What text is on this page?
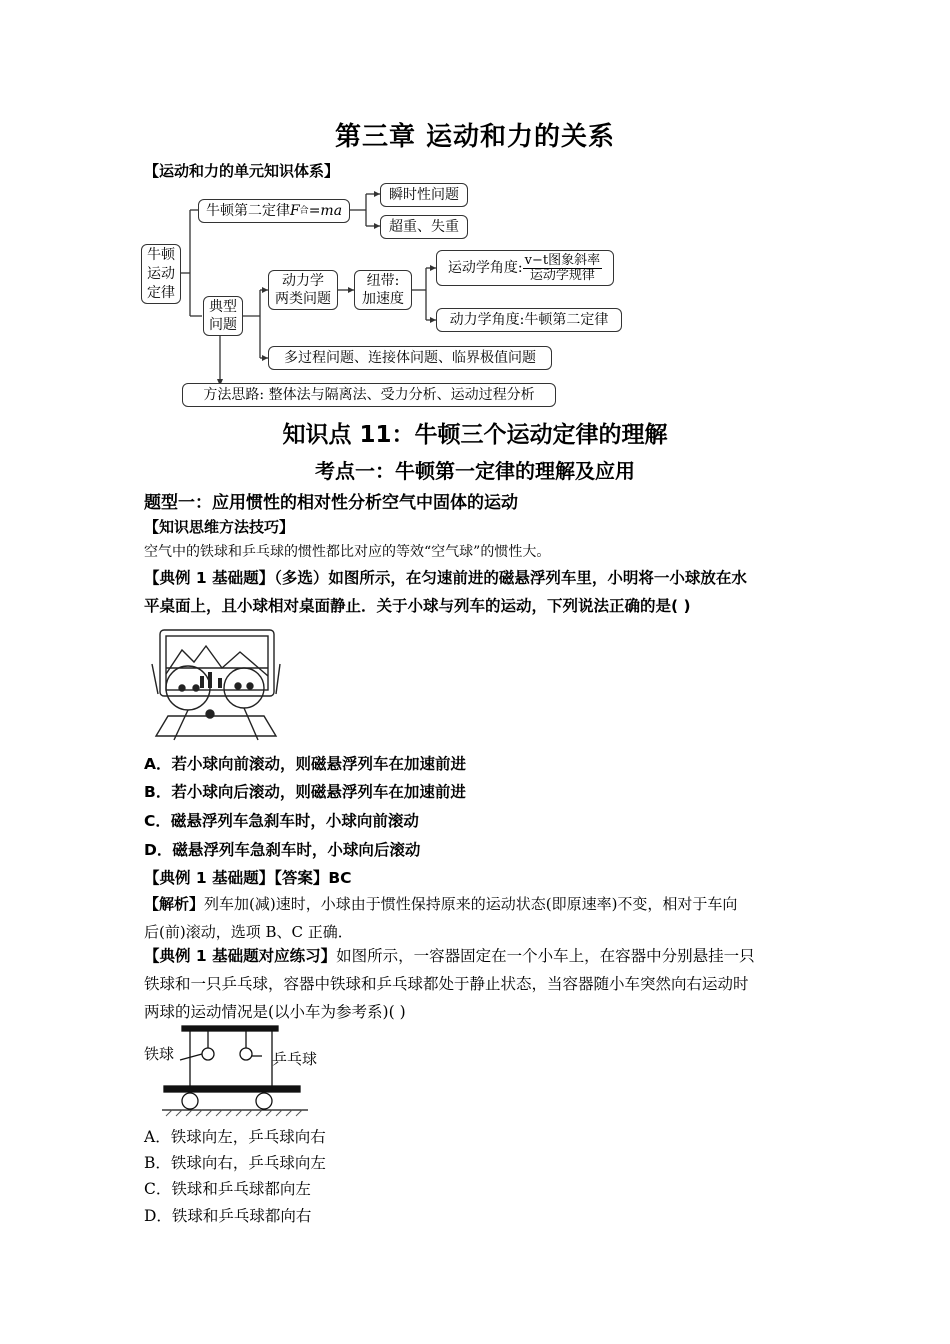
第三章 运动和力的关系
【运动和力的单元知识体系】
牛顿
运动
定律
牛顿第二定律 F 合 =ma
瞬时性问题
超重、失重
典型
问题
动力学
两类问题
纽带:
加速度
运动学角度: $\frac{\text{v−t图象斜率}}{\text{运动学规律}}$
动力学角度:牛顿第二定律
多过程问题、连接体问题、临界极值问题
方法思路: 整体法与隔离法、受力分析、运动过程分析
知识点 11：牛顿三个运动定律的理解
考点一：牛顿第一定律的理解及应用
题型一：应用惯性的相对性分析空气中固体的运动
【知识思维方法技巧】
空气中的铁球和乒乓球的惯性都比对应的等效“空气球”的惯性大。
【典例 1 基础题】（多选）如图所示，在匀速前进的磁悬浮列车里，小明将一小球放在水
平桌面上，且小球相对桌面静止．关于小球与列车的运动，下列说法正确的是( )
A．若小球向前滚动，则磁悬浮列车在加速前进
B．若小球向后滚动，则磁悬浮列车在加速前进
C．磁悬浮列车急刹车时，小球向前滚动
D．磁悬浮列车急刹车时，小球向后滚动
【典例 1 基础题】【答案】BC
【解析】列车加(减)速时，小球由于惯性保持原来的运动状态(即原速率)不变，相对于车向
后(前)滚动，选项 B、C 正确．
【典例 1 基础题对应练习】如图所示，一容器固定在一个小车上，在容器中分别悬挂一只
铁球和一只乒乓球，容器中铁球和乒乓球都处于静止状态，当容器随小车突然向右运动时
两球的运动情况是(以小车为参考系)( )
铁球	乒乓球
A．铁球向左，乒乓球向右
B．铁球向右，乒乓球向左
C．铁球和乒乓球都向左
D．铁球和乒乓球都向右
